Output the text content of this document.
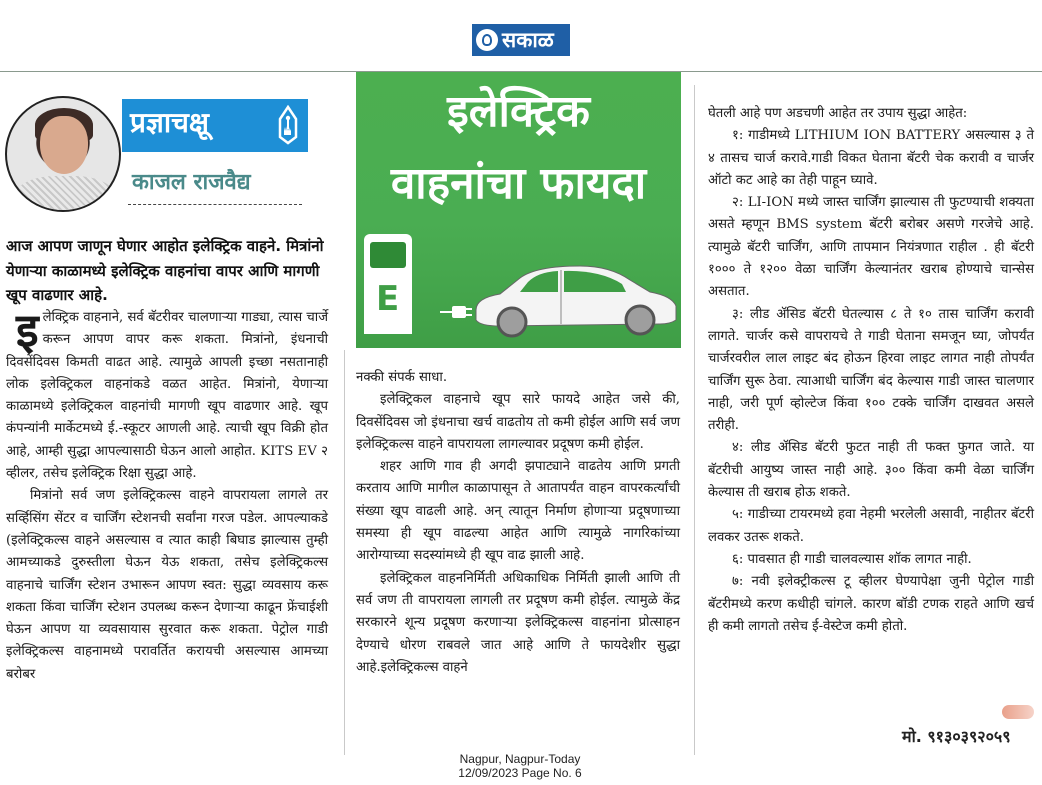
सकाळ
प्रज्ञाचक्षू
काजल राजवैद्य
आज आपण जाणून घेणार आहोत इलेक्ट्रिक वाहने. मित्रांनो येणाऱ्या काळामध्ये इलेक्ट्रिक वाहनांचा वापर आणि मागणी खूप वाढणार आहे.

इलेक्ट्रिक वाहनाने, सर्व बॅटरीवर चालणाऱ्या गाड्या, त्यास चार्जे करून आपण वापर करू शकता. मित्रांनो, इंधनाची दिवसेंदिवस किमती वाढत आहे. त्यामुळे आपली इच्छा नसतानाही लोक इलेक्ट्रिकल वाहनांकडे वळत आहेत. मित्रांनो, येणाऱ्या काळामध्ये इलेक्ट्रिकल वाहनांची मागणी खूप वाढणार आहे. खूप कंपन्यांनी मार्केटमध्ये ई.-स्कूटर आणली आहे. त्याची खूप विक्री होत आहे, आम्ही सुद्धा आपल्यासाठी घेऊन आलो आहोत. KITS EV २ व्हीलर, तसेच इलेक्ट्रिक रिक्षा सुद्धा आहे.

मित्रांनो सर्व जण इलेक्ट्रिकल्स वाहने वापरायला लागले तर सर्व्हिसिंग सेंटर व चार्जिंग स्टेशनची सर्वांना गरज पडेल. आपल्याकडे (इलेक्ट्रिकल्स वाहने असल्यास व त्यात काही बिघाड झाल्यास तुम्ही आमच्याकडे दुरुस्तीला घेऊन येऊ शकता, तसेच इलेक्ट्रिकल्स वाहनाचे चार्जिंग स्टेशन उभारून आपण स्वत: सुद्धा व्यवसाय करू शकता किंवा चार्जिंग स्टेशन उपलब्ध करून देणाऱ्या काढून फ्रेंचाईशी घेऊन आपण या व्यवसायास सुरवात करू शकता. पेट्रोल गाडी इलेक्ट्रिकल्स वाहनामध्ये परावर्तित करायची असल्यास आमच्या बरोबर

इलेक्ट्रिक
वाहनांचा फायदा
E

नक्की संपर्क साधा.

इलेक्ट्रिकल वाहनाचे खूप सारे फायदे आहेत जसे की, दिवसेंदिवस जो इंधनाचा खर्च वाढतोय तो कमी होईल आणि सर्व जण इलेक्ट्रिकल्स वाहने वापरायला लागल्यावर प्रदूषण कमी होईल.

शहर आणि गाव ही अगदी झपाट्याने वाढतेय आणि प्रगती करताय आणि मागील काळापासून ते आतापर्यंत वाहन वापरकर्त्यांची संख्या खूप वाढली आहे. अन् त्यातून निर्माण होणाऱ्या प्रदूषणाच्या समस्या ही खूप वाढल्या आहेत आणि त्यामुळे नागरिकांच्या आरोग्याच्या सदस्यांमध्ये ही खूप वाढ झाली आहे.

इलेक्ट्रिकल वाहननिर्मिती अधिकाधिक निर्मिती झाली आणि ती सर्व जण ती वापरायला लागली तर प्रदूषण कमी होईल. त्यामुळे केंद्र सरकारने शून्य प्रदूषण करणाऱ्या इलेक्ट्रिकल्स वाहनांना प्रोत्साहन देण्याचे धोरण राबवले जात आहे आणि ते फायदेशीर सुद्धा आहे.इलेक्ट्रिकल्स वाहने

घेतली आहे पण अडचणी आहेत तर उपाय सुद्धा आहेत:

१: गाडीमध्ये LITHIUM ION BATTERY असल्यास ३ ते ४ तासच चार्ज करावे.गाडी विकत घेताना बॅटरी चेक करावी व चार्जर ऑटो कट आहे का तेही पाहून घ्यावे.

२: LI-ION मध्ये जास्त चार्जिंग झाल्यास ती फुटण्याची शक्यता असते म्हणून BMS system बॅटरी बरोबर असणे गरजेचे आहे. त्यामुळे बॅटरी चार्जिंग, आणि तापमान नियंत्रणात राहील . ही बॅटरी १००० ते १२०० वेळा चार्जिंग केल्यानंतर खराब होण्याचे चान्सेस असतात.

३: लीड ॲसिड बॅटरी घेतल्यास ८ ते १० तास चार्जिंग करावी लागते. चार्जर कसे वापरायचे ते गाडी घेताना समजून घ्या, जोपर्यंत चार्जरवरील लाल लाइट बंद होऊन हिरवा लाइट लागत नाही तोपर्यंत चार्जिंग सुरू ठेवा. त्याआधी चार्जिंग बंद केल्यास गाडी जास्त चालणार नाही, जरी पूर्ण व्होल्टेज किंवा १०० टक्के चार्जिंग दाखवत असले तरीही.

४: लीड ॲसिड बॅटरी फुटत नाही ती फक्त फुगत जाते. या बॅटरीची आयुष्य जास्त नाही आहे. ३०० किंवा कमी वेळा चार्जिंग केल्यास ती खराब होऊ शकते.

५: गाडीच्या टायरमध्ये हवा नेहमी भरलेली असावी, नाहीतर बॅटरी लवकर उतरू शकते.

६: पावसात ही गाडी चालवल्यास शॉक लागत नाही.

७: नवी इलेक्ट्रीकल्स टू व्हीलर घेण्यापेक्षा जुनी पेट्रोल गाडी बॅटरीमध्ये करण कधीही चांगले. कारण बॉडी टणक राहते आणि खर्च ही कमी लागतो तसेच ई-वेस्टेज कमी होतो.

मो. ९१३०३९२०५९
Nagpur, Nagpur-Today
12/09/2023 Page No. 6
